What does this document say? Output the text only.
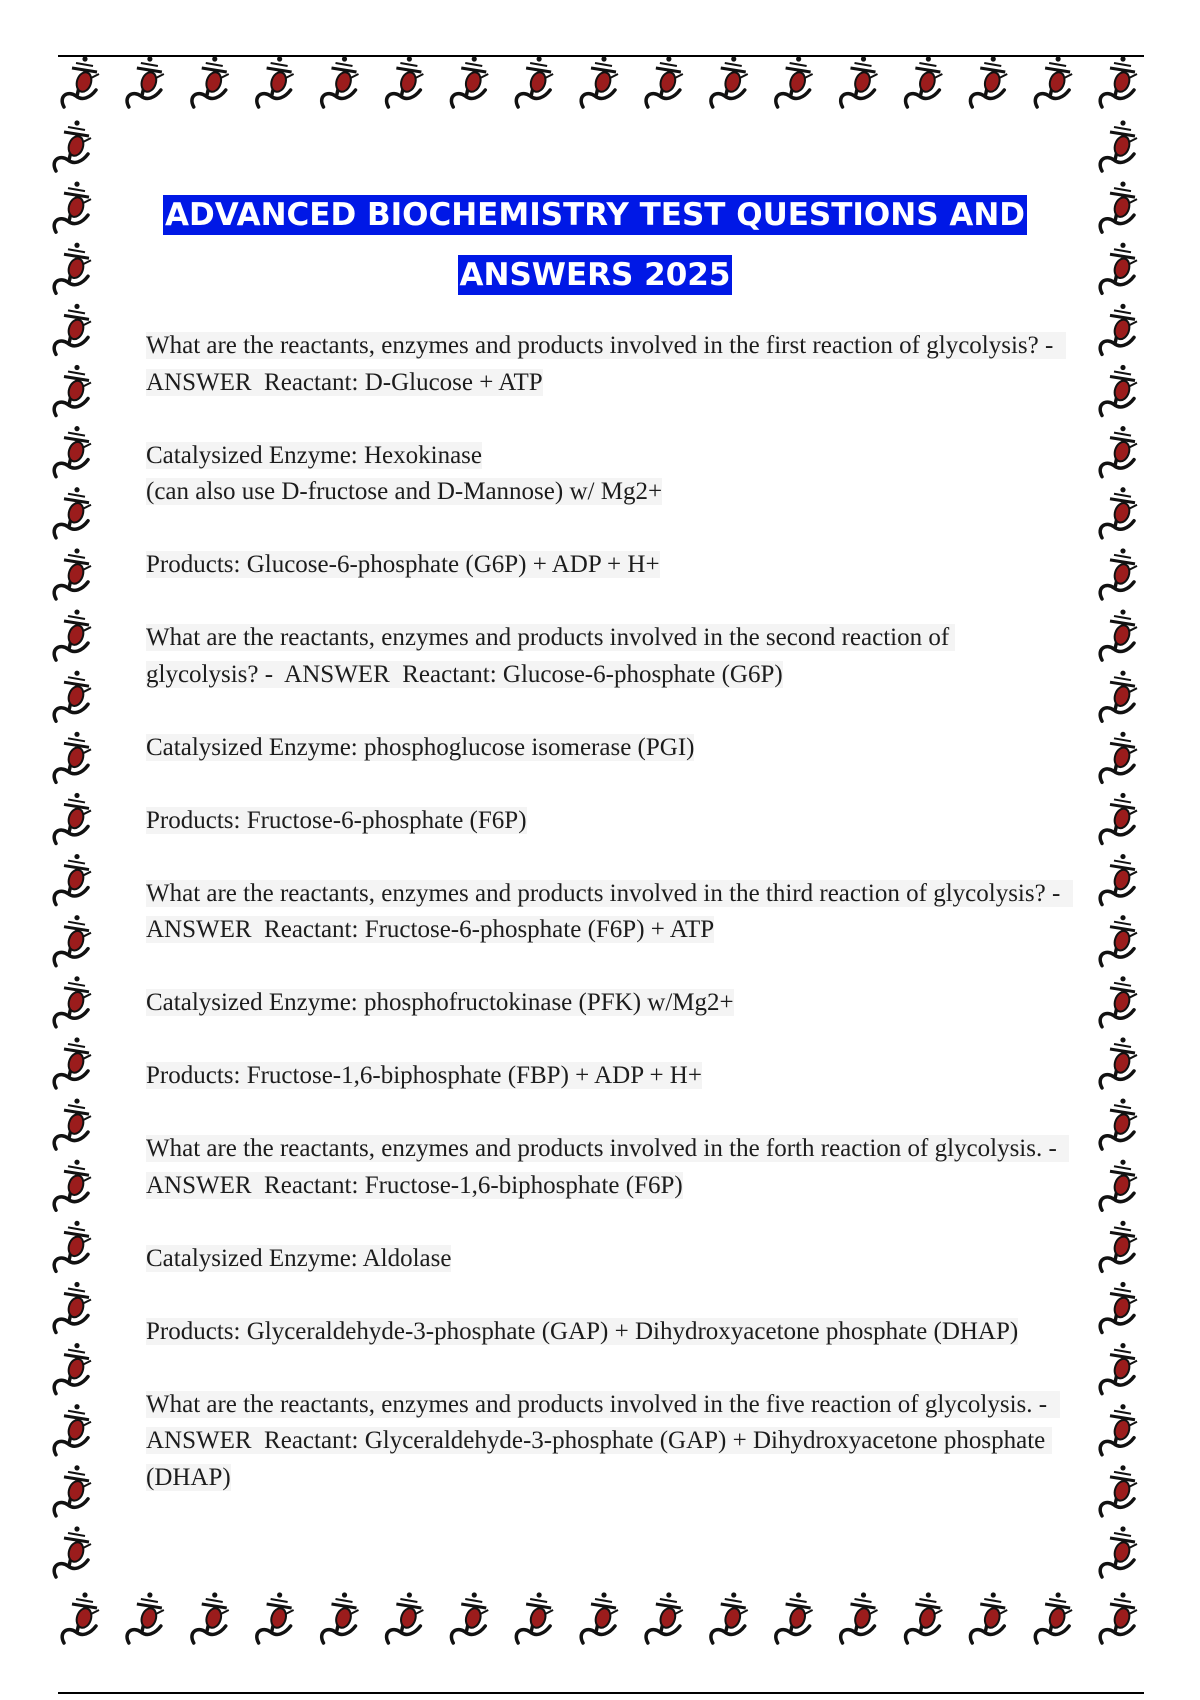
ADVANCED BIOCHEMISTRY TEST QUESTIONS AND ANSWERS 2025

What are the reactants, enzymes and products involved in the first reaction of glycolysis? -  ANSWER  Reactant: D-Glucose + ATP

Catalysized Enzyme: Hexokinase
(can also use D-fructose and D-Mannose) w/ Mg2+

Products: Glucose-6-phosphate (G6P) + ADP + H+

What are the reactants, enzymes and products involved in the second reaction of glycolysis? -  ANSWER  Reactant: Glucose-6-phosphate (G6P)

Catalysized Enzyme: phosphoglucose isomerase (PGI)

Products: Fructose-6-phosphate (F6P)

What are the reactants, enzymes and products involved in the third reaction of glycolysis? -  ANSWER  Reactant: Fructose-6-phosphate (F6P) + ATP

Catalysized Enzyme: phosphofructokinase (PFK) w/Mg2+

Products: Fructose-1,6-biphosphate (FBP) + ADP + H+

What are the reactants, enzymes and products involved in the forth reaction of glycolysis. -  ANSWER  Reactant: Fructose-1,6-biphosphate (F6P)

Catalysized Enzyme: Aldolase

Products: Glyceraldehyde-3-phosphate (GAP) + Dihydroxyacetone phosphate (DHAP)

What are the reactants, enzymes and products involved in the five reaction of glycolysis. -  ANSWER  Reactant: Glyceraldehyde-3-phosphate (GAP) + Dihydroxyacetone phosphate (DHAP)
